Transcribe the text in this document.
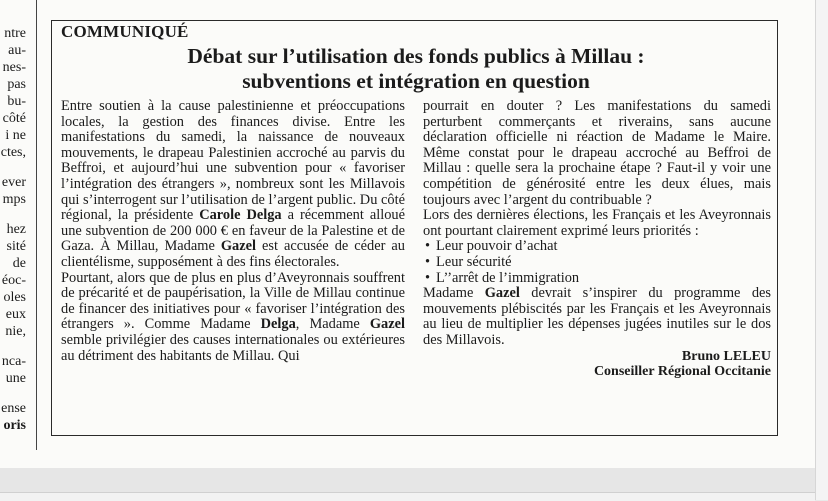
ntre
au-
nes-
pas
bu-
côté
i ne
ctes,
ever
mps
hez
sité
de
éoc-
oles
eux
nie,
nca-
une
ense
oris
COMMUNIQUÉ
Débat sur l’utilisation des fonds publics à Millau :
subventions et intégration en question

Entre soutien à la cause palestinienne et préoccupations locales, la gestion des finances divise. Entre les manifestations du samedi, la naissance de nouveaux mouvements, le drapeau Palestinien accroché au parvis du Beffroi, et aujourd’hui une subvention pour « favoriser l’intégration des étrangers », nombreux sont les Millavois qui s’interrogent sur l’utilisation de l’argent public. Du côté régional, la présidente Carole Delga a récemment alloué une subvention de 200 000 € en faveur de la Palestine et de Gaza. À Millau, Madame Gazel est accusée de céder au clientélisme, supposément à des fins électorales.

Pourtant, alors que de plus en plus d’Aveyronnais souffrent de précarité et de paupérisation, la Ville de Millau continue de financer des initiatives pour « favoriser l’intégration des étrangers ». Comme Madame Delga, Madame Gazel semble privilégier des causes internationales ou extérieures au détriment des habitants de Millau. Qui

pourrait en douter ? Les manifestations du samedi perturbent commerçants et riverains, sans aucune déclaration officielle ni réaction de Madame le Maire. Même constat pour le drapeau accroché au Beffroi de Millau : quelle sera la prochaine étape ? Faut-il y voir une compétition de générosité entre les deux élues, mais toujours avec l’argent du contribuable ?

Lors des dernières élections, les Français et les Aveyronnais ont pourtant clairement exprimé leurs priorités :

• Leur pouvoir d’achat
• Leur sécurité
• L’’arrêt de l’immigration

Madame Gazel devrait s’inspirer du programme des mouvements plébiscités par les Français et les Aveyronnais au lieu de multiplier les dépenses jugées inutiles sur le dos des Millavois.

Bruno LELEU
Conseiller Régional Occitanie
